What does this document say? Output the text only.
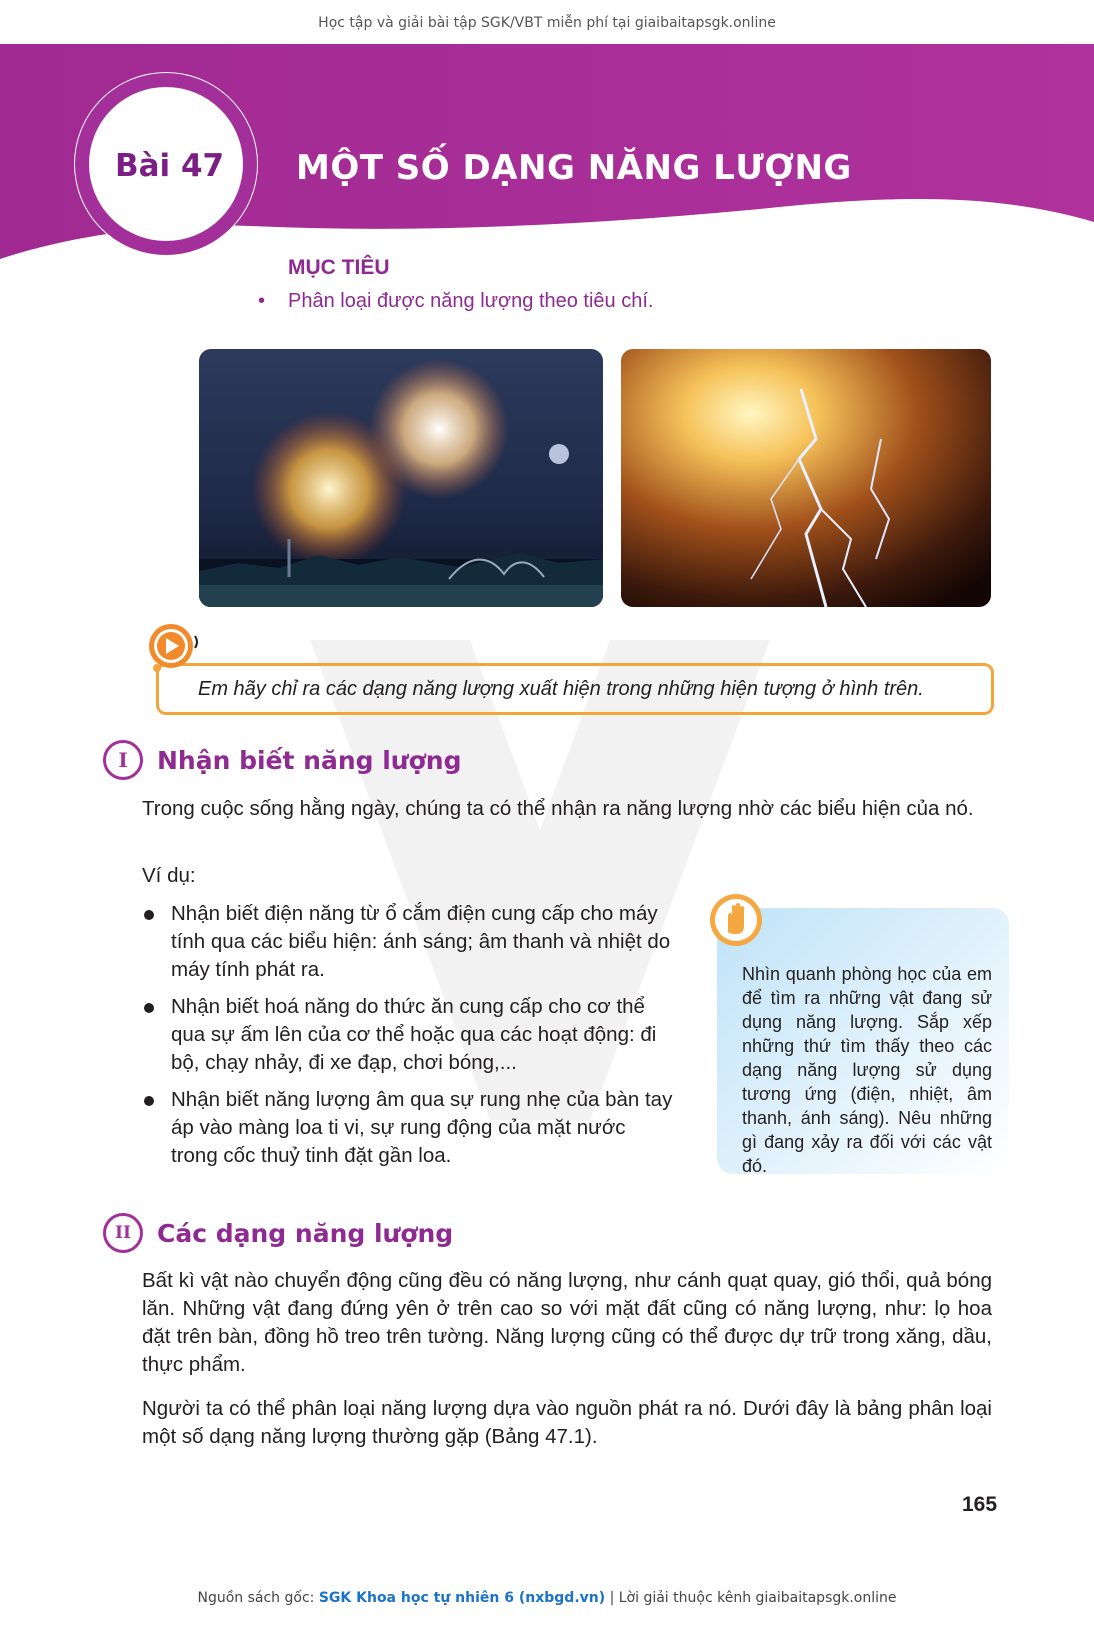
Học tập và giải bài tập SGK/VBT miễn phí tại giaibaitapsgk.online
Bài 47 MỘT SỐ DẠNG NĂNG LƯỢNG
MỤC TIÊU
• Phân loại được năng lượng theo tiêu chí.
Em hãy chỉ ra các dạng năng lượng xuất hiện trong những hiện tượng ở hình trên.
I	Nhận biết năng lượng
Trong cuộc sống hằng ngày, chúng ta có thể nhận ra năng lượng nhờ các biểu hiện của nó.
Ví dụ:
Nhận biết điện năng từ ổ cắm điện cung cấp cho máy tính qua các biểu hiện: ánh sáng; âm thanh và nhiệt do máy tính phát ra.
Nhận biết hoá năng do thức ăn cung cấp cho cơ thể qua sự ấm lên của cơ thể hoặc qua các hoạt động: đi bộ, chạy nhảy, đi xe đạp, chơi bóng,...
Nhận biết năng lượng âm qua sự rung nhẹ của bàn tay áp vào màng loa ti vi, sự rung động của mặt nước trong cốc thuỷ tinh đặt gần loa.
Nhìn quanh phòng học của em để tìm ra những vật đang sử dụng năng lượng. Sắp xếp những thứ tìm thấy theo các dạng năng lượng sử dụng tương ứng (điện, nhiệt, âm thanh, ánh sáng). Nêu những gì đang xảy ra đối với các vật đó.
II	Các dạng năng lượng
Bất kì vật nào chuyển động cũng đều có năng lượng, như cánh quạt quay, gió thổi, quả bóng lăn. Những vật đang đứng yên ở trên cao so với mặt đất cũng có năng lượng, như: lọ hoa đặt trên bàn, đồng hồ treo trên tường. Năng lượng cũng có thể được dự trữ trong xăng, dầu, thực phẩm.
Người ta có thể phân loại năng lượng dựa vào nguồn phát ra nó. Dưới đây là bảng phân loại một số dạng năng lượng thường gặp (Bảng 47.1).
165
Nguồn sách gốc: SGK Khoa học tự nhiên 6 (nxbgd.vn) | Lời giải thuộc kênh giaibaitapsgk.online
